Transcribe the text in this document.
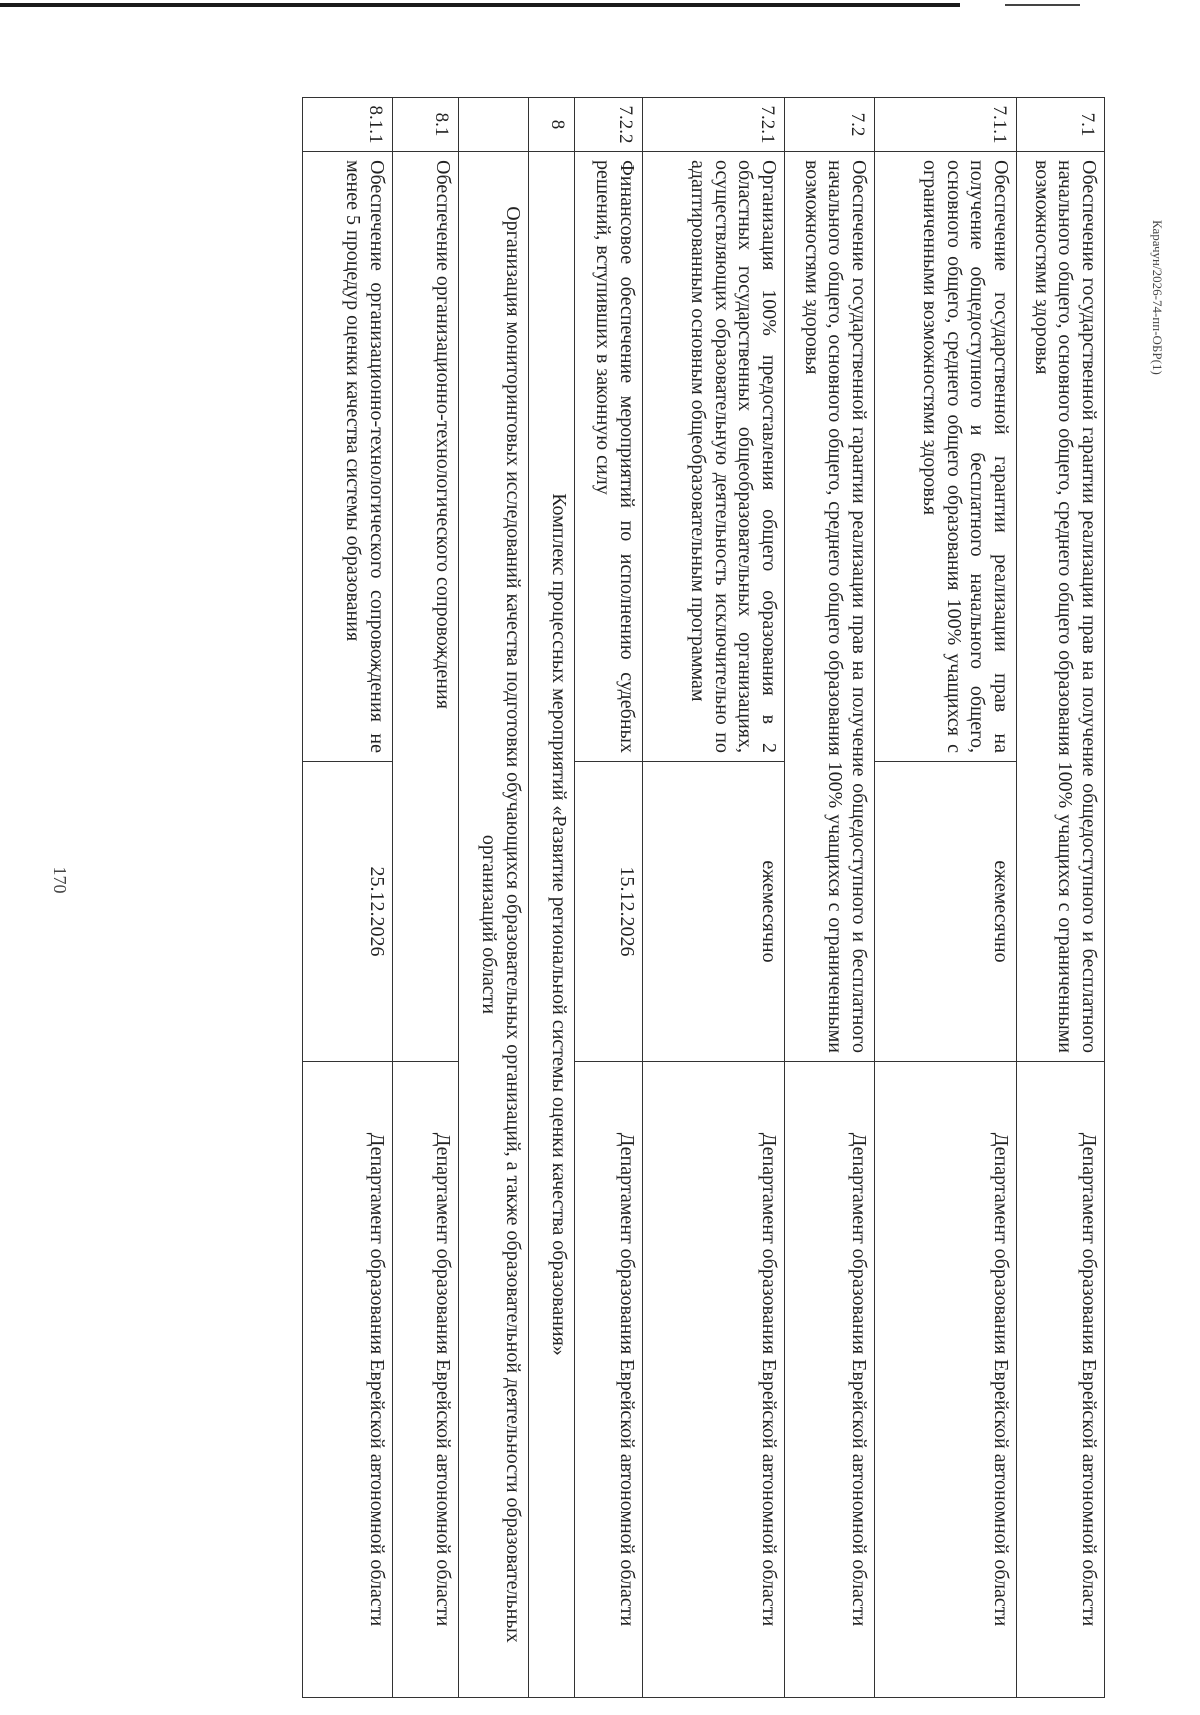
170
7.1	Обеспечение государственной гарантии реализации прав на получение общедоступного и бесплатного начального общего, основного общего, среднего общего образования 100% учащихся с ограниченными возможностями здоровья		Департамент образования Еврейской автономной области
7.1.1	Обеспечение государственной гарантии реализации прав на получение общедоступного и бесплатного начального общего, основного общего, среднего общего образования 100% учащихся с ограниченными возможностями здоровья	ежемесячно	Департамент образования Еврейской автономной области
7.2	Обеспечение государственной гарантии реализации прав на получение общедоступного и бесплатного начального общего, основного общего, среднего общего образования 100% учащихся с ограниченными возможностями здоровья		Департамент образования Еврейской автономной области
7.2.1	Организация 100% предоставления общего образования в 2 областных государственных общеобразовательных организациях, осуществляющих образовательную деятельность исключительно по адаптированным основным общеобразовательным программам	ежемесячно	Департамент образования Еврейской автономной области
7.2.2	Финансовое обеспечение мероприятий по исполнению судебных решений, вступивших в законную силу	15.12.2026	Департамент образования Еврейской автономной области
8	Комплекс процессных мероприятий «Развитие региональной системы оценки качества образования»		
	Организация мониторинговых исследований качества подготовки обучающихся образовательных организаций, а также образовательной деятельности образовательных организаций области		
8.1	Обеспечение организационно-технологического сопровождения		Департамент образования Еврейской автономной области
8.1.1	Обеспечение организационно-технологического сопровождения не менее 5 процедур оценки качества системы образования	25.12.2026	Департамент образования Еврейской автономной области
Карачун/2026-74-пп-ОБР(1)
